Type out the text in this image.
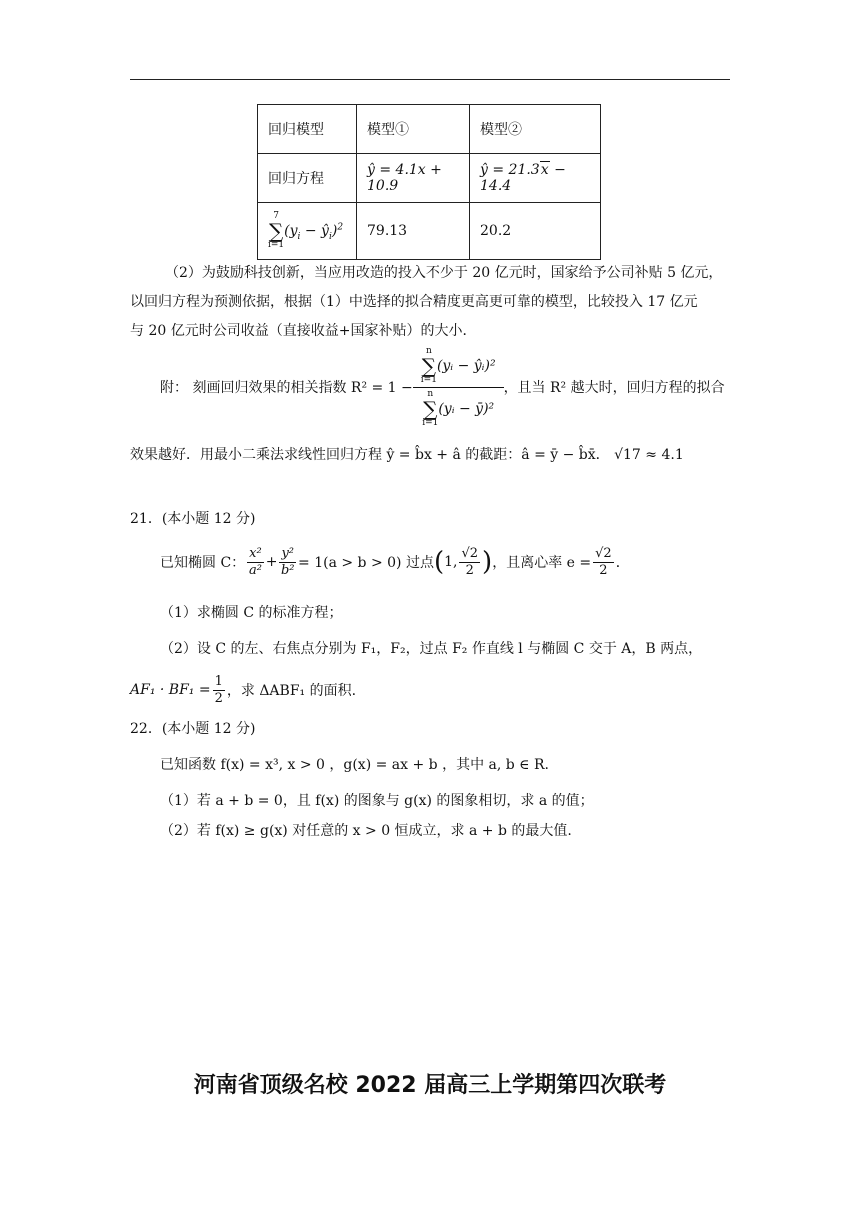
回归模型	模型①	模型②
回归方程	ŷ = 4.1x + 10.9	ŷ = 21.3x − 14.4
7
∑
$i=1(y_i$ − $ŷ_i)^2$	79.13	20.2
（2）为鼓励科技创新，当应用改造的投入不少于 20 亿元时，国家给予公司补贴 5 亿元，
以回归方程为预测依据，根据（1）中选择的拟合精度更高更可靠的模型，比较投入 17 亿元
与 20 亿元时公司收益（直接收益+国家补贴）的大小．
附： 刻画回归效果的相关指数 R² = 1 − n
∑
i=1(yᵢ − ŷᵢ)²
n
∑
i=1(yᵢ − ȳ)² ，且当 R² 越大时，回归方程的拟合
效果越好．用最小二乘法求线性回归方程 ŷ = b̂x + â 的截距：â = ȳ − b̂x̄． √17 ≈ 4.1
21．(本小题 12 分)
已知椭圆 C： $\frac{\text{x²}}{\text{a²}} + \frac{\text{y²}}{\text{b²}} = 1(a > b > 0)$ 过点 ( 1, $\frac{√2}{2}$ ) ，且离心率 $e = \frac{√2}{2}$ ．
（1）求椭圆 C 的标准方程；
（2）设 C 的左、右焦点分别为 F₁，F₂，过点 F₂ 作直线 l 与椭圆 C 交于 A，B 两点，
$AF_1 \cdot BF_1 = \frac{1}{2}$ ，求 ΔABF₁ 的面积.
22．(本小题 12 分)
已知函数 f(x) = x³, x > 0 ，g(x) = ax + b ，其中 a, b ∈ R.
（1）若 a + b = 0，且 f(x) 的图象与 g(x) 的图象相切，求 a 的值；
（2）若 f(x) ≥ g(x) 对任意的 x > 0 恒成立，求 a + b 的最大值.
河南省顶级名校 2022 届高三上学期第四次联考
